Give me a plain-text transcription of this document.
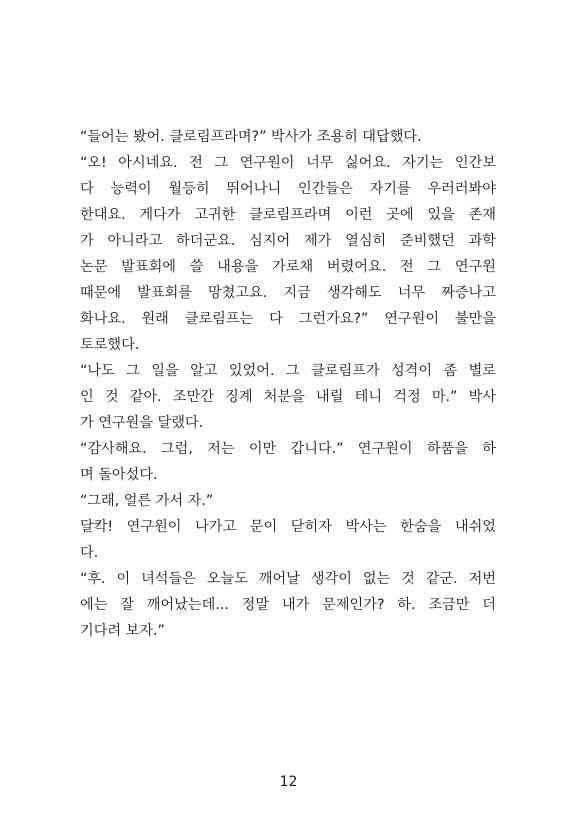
“들어는 봤어. 클로림프라며?” 박사가 조용히 대답했다.
“오! 아시네요. 전 그 연구원이 너무 싫어요. 자기는 인간보
다 능력이 월등히 뛰어나니 인간들은 자기를 우러러봐야
한대요. 게다가 고귀한 클로림프라며 이런 곳에 있을 존재
가 아니라고 하더군요. 심지어 제가 열심히 준비했던 과학
논문 발표회에 쓸 내용을 가로채 버렸어요. 전 그 연구원
때문에 발표회를 망쳤고요. 지금 생각해도 너무 짜증나고
화나요. 원래 클로림프는 다 그런가요?” 연구원이 불만을
토로했다.
“나도 그 일을 알고 있었어. 그 클로림프가 성격이 좀 별로
인 것 같아. 조만간 징계 처분을 내릴 테니 걱정 마.” 박사
가 연구원을 달랬다.
“감사해요. 그럼, 저는 이만 갑니다.” 연구원이 하품을 하
며 돌아섰다.
“그래, 얼른 가서 자.”
달칵! 연구원이 나가고 문이 닫히자 박사는 한숨을 내쉬었
다.
“후. 이 녀석들은 오늘도 깨어날 생각이 없는 것 같군. 저번
에는 잘 깨어났는데... 정말 내가 문제인가? 하. 조금만 더
기다려 보자.”
12
